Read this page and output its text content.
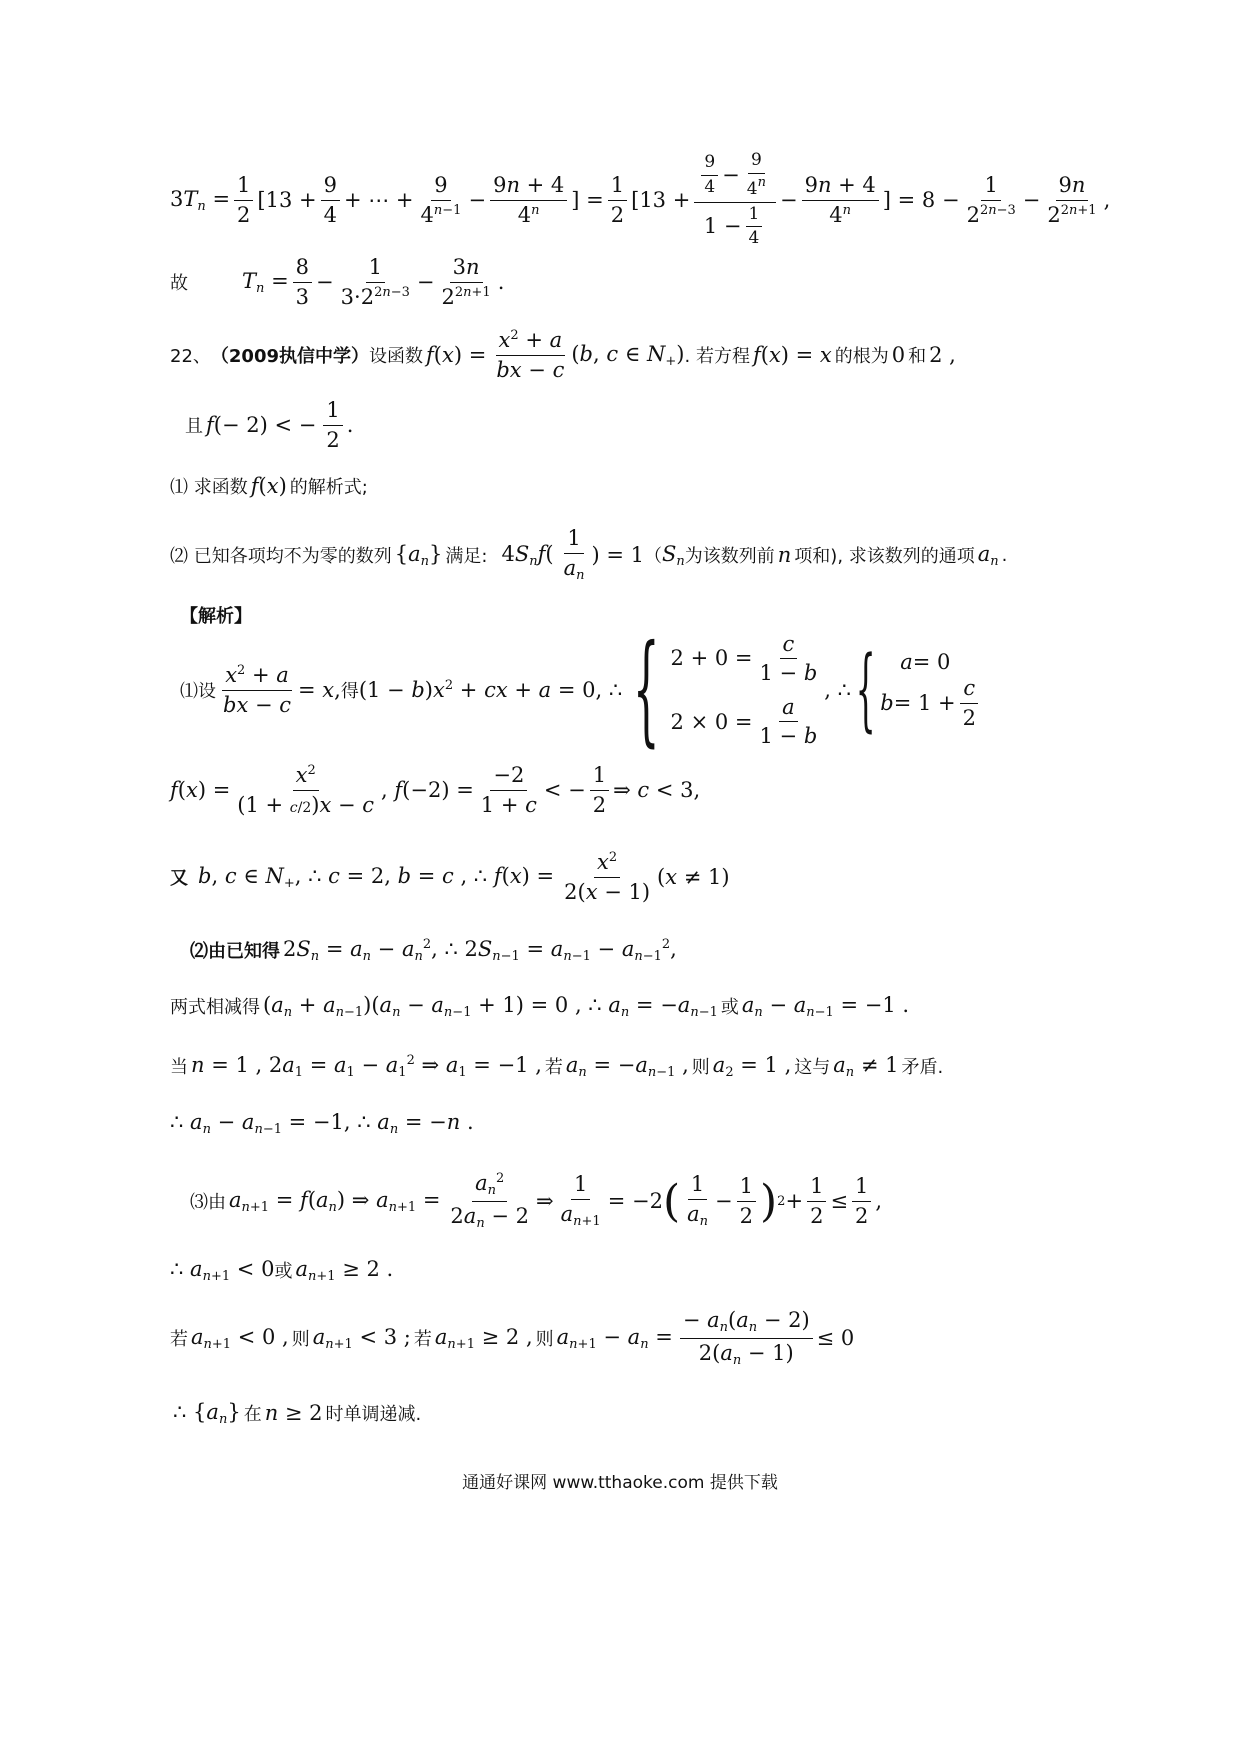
$3T_n = \frac{1}{2} [13 + \frac{9}{4}$ + ⋯ + $\frac{9}{4^{n-1}} - \frac{9n + 4}{4^n}$ ] = $\frac{1}{2} [13 + \frac{\frac{9}{4} - \frac{9}{4^n}}{1 - \frac{1}{4}} - \frac{9n + 4}{4^n}$ ] = $8 - \frac{1}{2^{2n-3}} - \frac{9n}{2^{2n+1}}$ ,
故	$T_n = \frac{8}{3} - \frac{1}{3\cdot 2^{2n-3}} - \frac{3n}{2^{2n+1}}$ .
22、 （2009执信中学） 设函数 $f(x) = \frac{x^2 + a}{bx - c} (b$, c ∈ $N_+$) . 若方程 f(x) = x 的根为 0 和 2 ,
且 f(− 2) < − $\frac{1}{2}$ .
⑴ 求函数 f(x) 的解析式;
⑵ 已知各项均不为零的数列 $\{a_n\}$ 满足: $4S_nf( \frac{1}{a_n}$ ) = 1 （ $S_n$ 为该数列前 n 项和), 求该数列的通项 $a_n$ .
【解析】
⑴设 $\frac{x^2 + a}{bx - c} = x$, 得 $(1 - b)x^2$ + cx + a = 0, ∴ { $2 + 0 = \frac{c}{1 - b}$
$2 \times 0 = \frac{a}{1 - b}$
, ∴ { a = 0
$b = 1 + \frac{c}{2}$
$f(x) = \frac{x^2}{(1 + c/2)x - c}$ , $f(-2) = \frac{-2}{1 + c}$ < − $\frac{1}{2}$ ⇒ c < 3,
又 b, c ∈ $N_+$, ∴ c = 2, b = c , ∴ $f(x) = \frac{x^2}{2(x - 1)} (x \ne 1)$
⑵由已知得 $2S_n = a_n - a_n^2$, ∴ $2S_{n-1} = a_{n-1} - a_{n-1}^2$,
两式相减得 $(a_n + a_{n-1})(a_n - a_{n-1} + 1) = 0$ , ∴ $a_n = -a_{n-1}$ 或 $a_n - a_{n-1} = -1$ .
当 n = 1 , $2a_1 = a_1 - a_1^2$ ⇒ $a_1 = -1$ , 若 $a_n = -a_{n-1}$ , 则 $a_2 = 1$ , 这与 $a_n \ne 1$ 矛盾.
∴ $a_n - a_{n-1} = -1$, ∴ $a_n = -n$ .
⑶由 $a_{n+1} = f(a_n)$ ⇒ $a_{n+1} = \frac{a_n^2}{2a_n - 2}$ ⇒ $\frac{1}{a_{n+1}} = -2$ ( $\frac{1}{a_n} - \frac{1}{2}$ ) $2 + \frac{1}{2} \le \frac{1}{2}$ ,
∴ $a_{n+1} < 0$ 或 $a_{n+1} \ge 2$ .
若 $a_{n+1} < 0$ , 则 $a_{n+1} < 3$ ; 若 $a_{n+1} \ge 2$ , 则 $a_{n+1} - a_n = \frac{- a_n(a_n - 2)}{2(a_n - 1)} \le 0$
∴ $\{a_n\}$ 在 n ≥ 2 时单调递减.
通通好课网 www.tthaoke.com 提供下载
